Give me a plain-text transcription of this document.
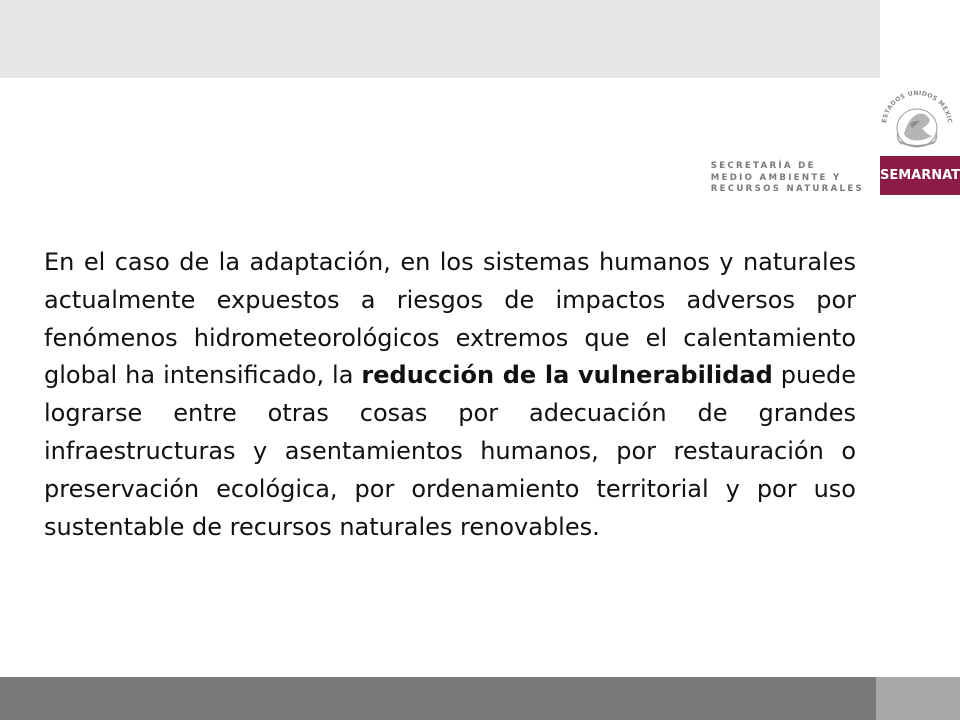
ESTADOS UNIDOS MEXIC
SECRETARÍA DE
MEDIO AMBIENTE Y
RECURSOS NATURALES
SEMARNAT

En el caso de la adaptación, en los sistemas humanos y naturales actualmente expuestos a riesgos de impactos adversos por fenómenos hidrometeorológicos extremos que el calentamiento global ha intensificado, la reducción de la vulnerabilidad puede lograrse entre otras cosas por adecuación de grandes infraestructuras y asentamientos humanos, por restauración o preservación ecológica, por ordenamiento territorial y por uso sustentable de recursos naturales renovables.
